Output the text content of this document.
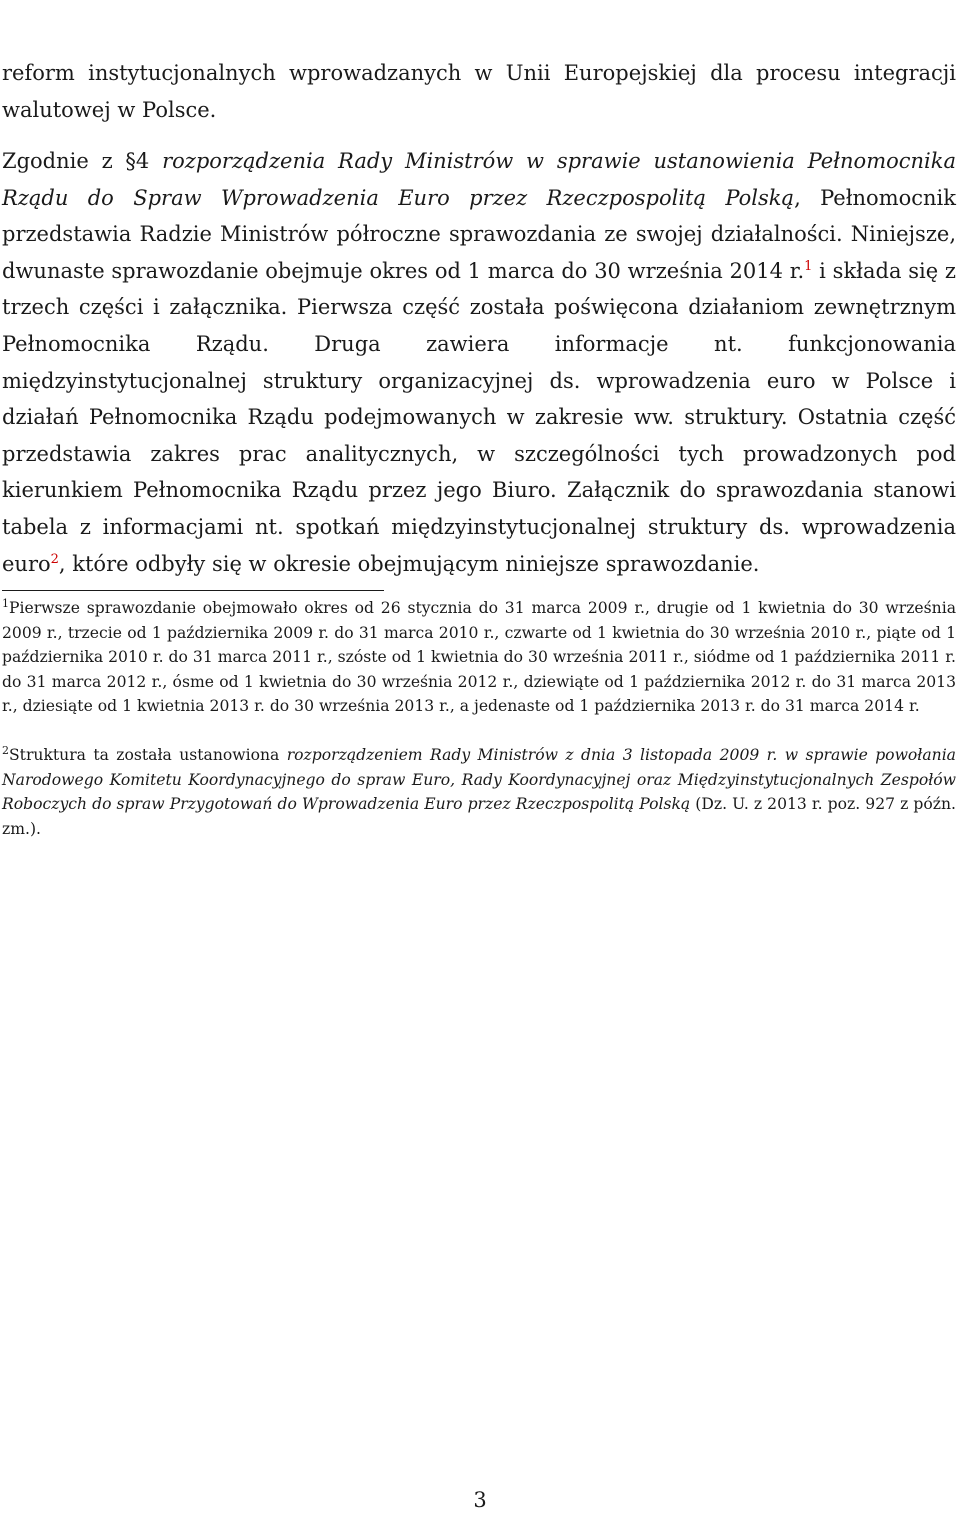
reform instytucjonalnych wprowadzanych w Unii Europejskiej dla procesu integracji walutowej w Polsce.

Zgodnie z §4 rozporządzenia Rady Ministrów w sprawie ustanowienia Pełnomocnika Rządu do Spraw Wprowadzenia Euro przez Rzeczpospolitą Polską, Pełnomocnik przedstawia Radzie Ministrów półroczne sprawozdania ze swojej działalności. Niniejsze, dwunaste sprawozdanie obejmuje okres od 1 marca do 30 września 2014 r.$^1$ i składa się z trzech części i załącznika. Pierwsza część została poświęcona działaniom zewnętrznym Pełnomocnika Rządu. Druga zawiera informacje nt. funkcjonowania międzyinstytucjonalnej struktury organizacyjnej ds. wprowadzenia euro w Polsce i działań Pełnomocnika Rządu podejmowanych w zakresie ww. struktury. Ostatnia część przedstawia zakres prac analitycznych, w szczególności tych prowadzonych pod kierunkiem Pełnomocnika Rządu przez jego Biuro. Załącznik do sprawozdania stanowi tabela z informacjami nt. spotkań międzyinstytucjonalnej struktury ds. wprowadzenia euro$^2$, które odbyły się w okresie obejmującym niniejsze sprawozdanie.

$^1$Pierwsze sprawozdanie obejmowało okres od 26 stycznia do 31 marca 2009 r., drugie od 1 kwietnia do 30 września 2009 r., trzecie od 1 października 2009 r. do 31 marca 2010 r., czwarte od 1 kwietnia do 30 września 2010 r., piąte od 1 października 2010 r. do 31 marca 2011 r., szóste od 1 kwietnia do 30 września 2011 r., siódme od 1 października 2011 r. do 31 marca 2012 r., ósme od 1 kwietnia do 30 września 2012 r., dziewiąte od 1 października 2012 r. do 31 marca 2013 r., dziesiąte od 1 kwietnia 2013 r. do 30 września 2013 r., a jedenaste od 1 października 2013 r. do 31 marca 2014 r.

$^2$Struktura ta została ustanowiona rozporządzeniem Rady Ministrów z dnia 3 listopada 2009 r. w sprawie powołania Narodowego Komitetu Koordynacyjnego do spraw Euro, Rady Koordynacyjnej oraz Międzyinstytucjonalnych Zespołów Roboczych do spraw Przygotowań do Wprowadzenia Euro przez Rzeczpospolitą Polską (Dz. U. z 2013 r. poz. 927 z późn. zm.).

3
